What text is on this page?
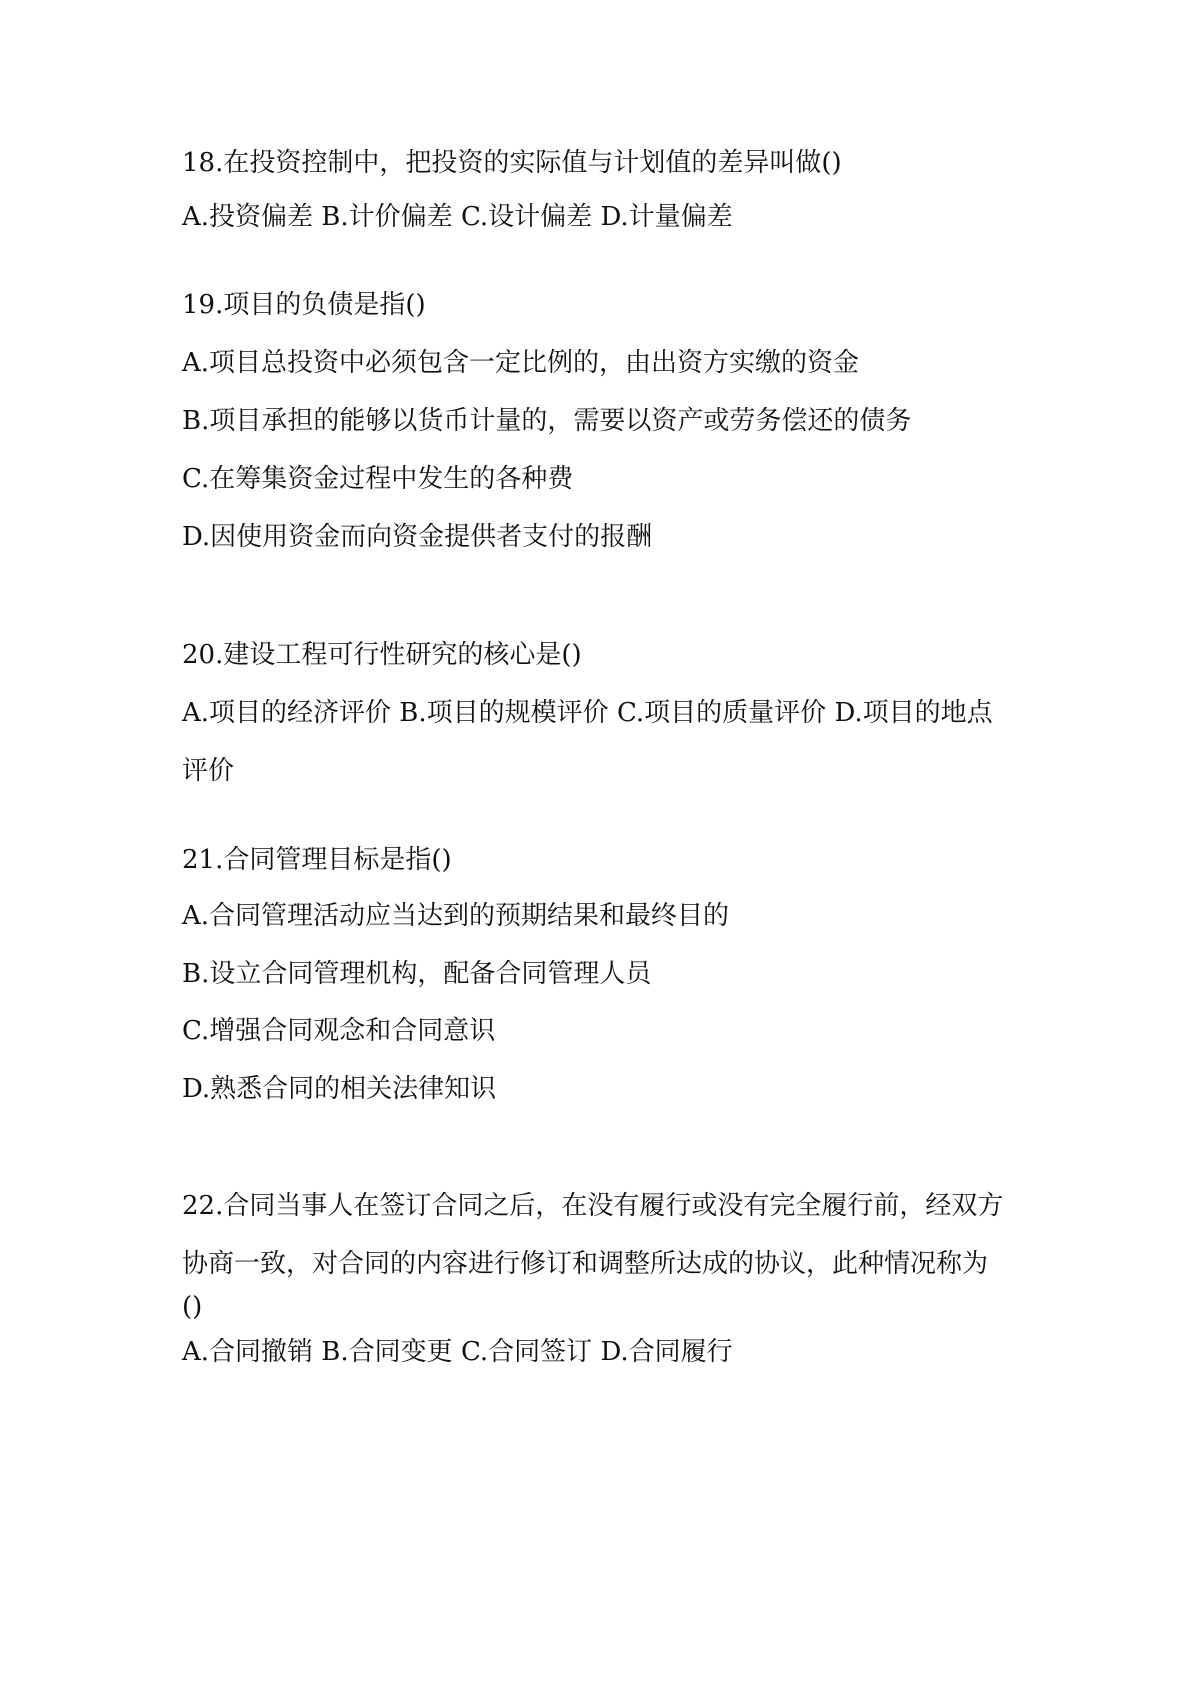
18.在投资控制中，把投资的实际值与计划值的差异叫做()
A.投资偏差 B.计价偏差 C.设计偏差 D.计量偏差
19.项目的负债是指()
A.项目总投资中必须包含一定比例的，由出资方实缴的资金
B.项目承担的能够以货币计量的，需要以资产或劳务偿还的债务
C.在筹集资金过程中发生的各种费
D.因使用资金而向资金提供者支付的报酬
20.建设工程可行性研究的核心是()
A.项目的经济评价 B.项目的规模评价 C.项目的质量评价 D.项目的地点
评价
21.合同管理目标是指()
A.合同管理活动应当达到的预期结果和最终目的
B.设立合同管理机构，配备合同管理人员
C.增强合同观念和合同意识
D.熟悉合同的相关法律知识
22.合同当事人在签订合同之后，在没有履行或没有完全履行前，经双方
协商一致，对合同的内容进行修订和调整所达成的协议，此种情况称为
()
A.合同撤销 B.合同变更 C.合同签订 D.合同履行
